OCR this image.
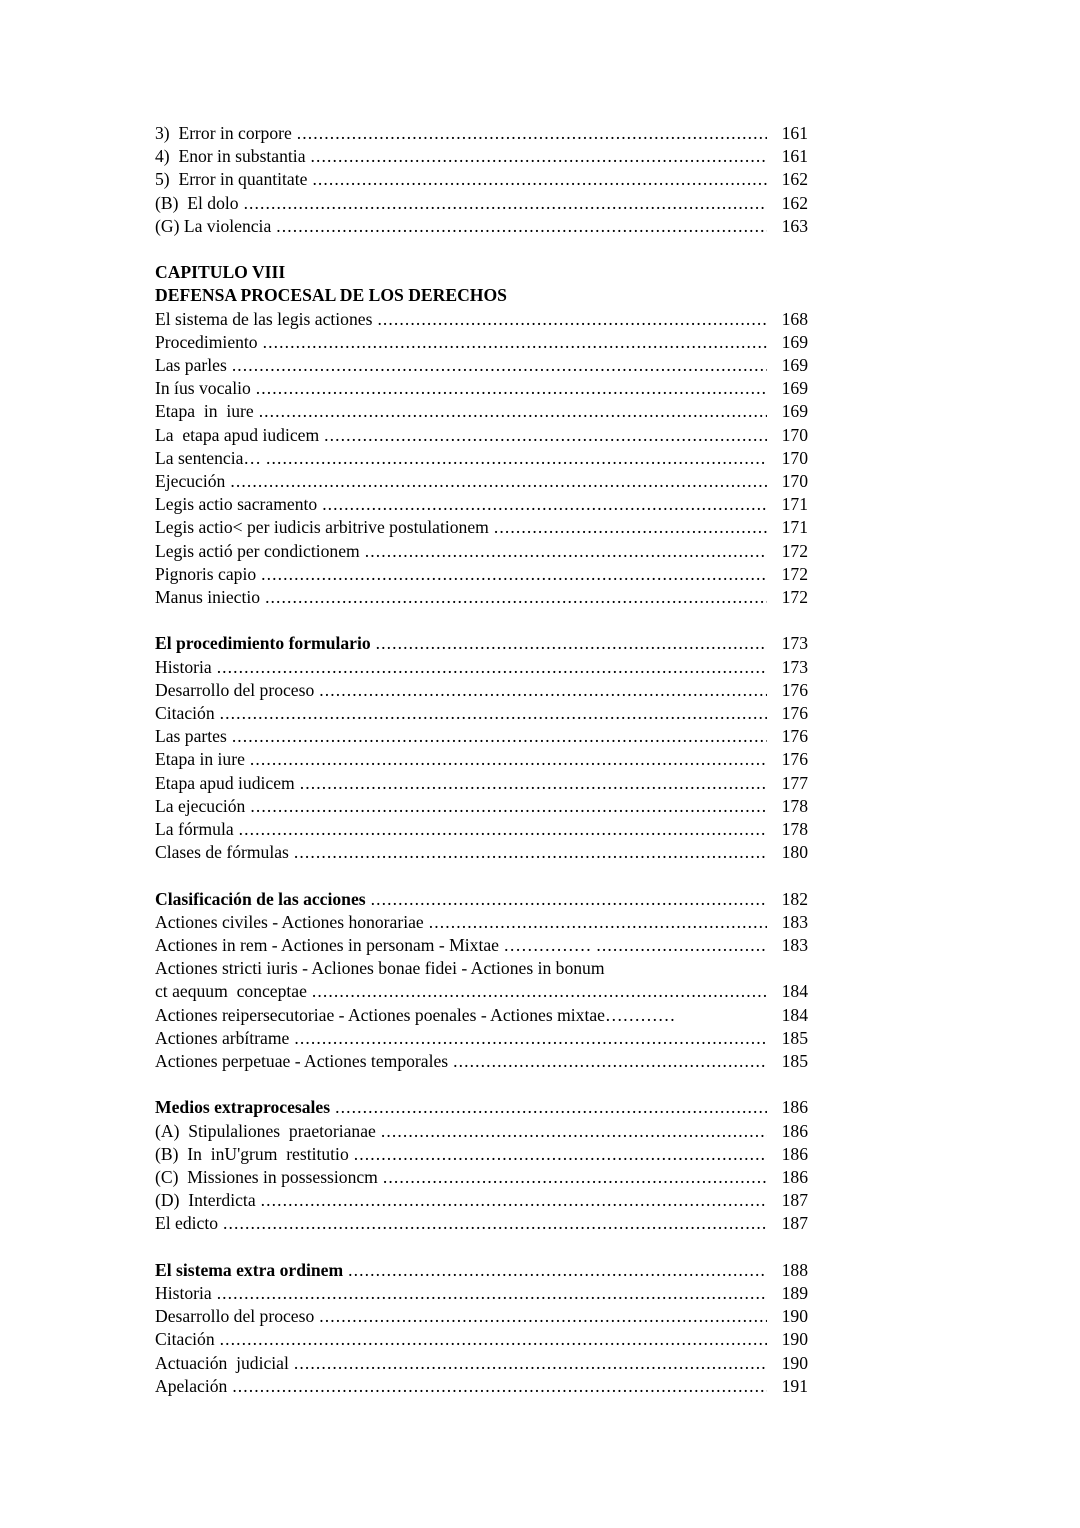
3)  Error in corpore .....	161
4)  Enor in substantia .....	161
5)  Error in quantitate .....	162
(B)  El dolo .....	162
(G) La violencia .....	163
CAPITULO VIII
DEFENSA PROCESAL DE LOS DERECHOS
El sistema de las legis actiones .....	168
Procedimiento .....	169
Las parles .....	169
In íus vocalio .....	169
Etapa  in  iure .....	169
La  etapa apud iudicem .....	170
La sentencia… .....	170
Ejecución .....	170
Legis actio sacramento .....	171
Legis actio< per iudicis arbitrive postulationem .....	171
Legis actió per condictionem .....	172
Pignoris capio .....	172
Manus iniectio .....	172
El procedimiento formulario .....	173
Historia .....	173
Desarrollo del proceso .....	176
Citación .....	176
Las partes .....	176
Etapa in iure .....	176
Etapa apud iudicem .....	177
La ejecución .....	178
La fórmula .....	178
Clases de fórmulas .....	180
Clasificación de las acciones .....	182
Actiones civiles - Actiones honorariae .....	183
Actiones in rem - Actiones in personam - Mixtae …………… .....	183
Actiones stricti iuris - Acliones bonae fidei - Actiones in bonum
ct aequum  conceptae .....	184
Actiones reipersecutoriae - Actiones poenales - Actiones mixtae…………	184
Actiones arbítrame .....	185
Actiones perpetuae - Actiones temporales .....	185
Medios extraprocesales .....	186
(A)  Stipulaliones  praetorianae .....	186
(B)  In  inU'grum  restitutio .....	186
(C)  Missiones in possessioncm .....	186
(D)  Interdicta .....	187
El edicto .....	187
El sistema extra ordinem .....	188
Historia .....	189
Desarrollo del proceso .....	190
Citación .....	190
Actuación  judicial .....	190
Apelación .....	191
